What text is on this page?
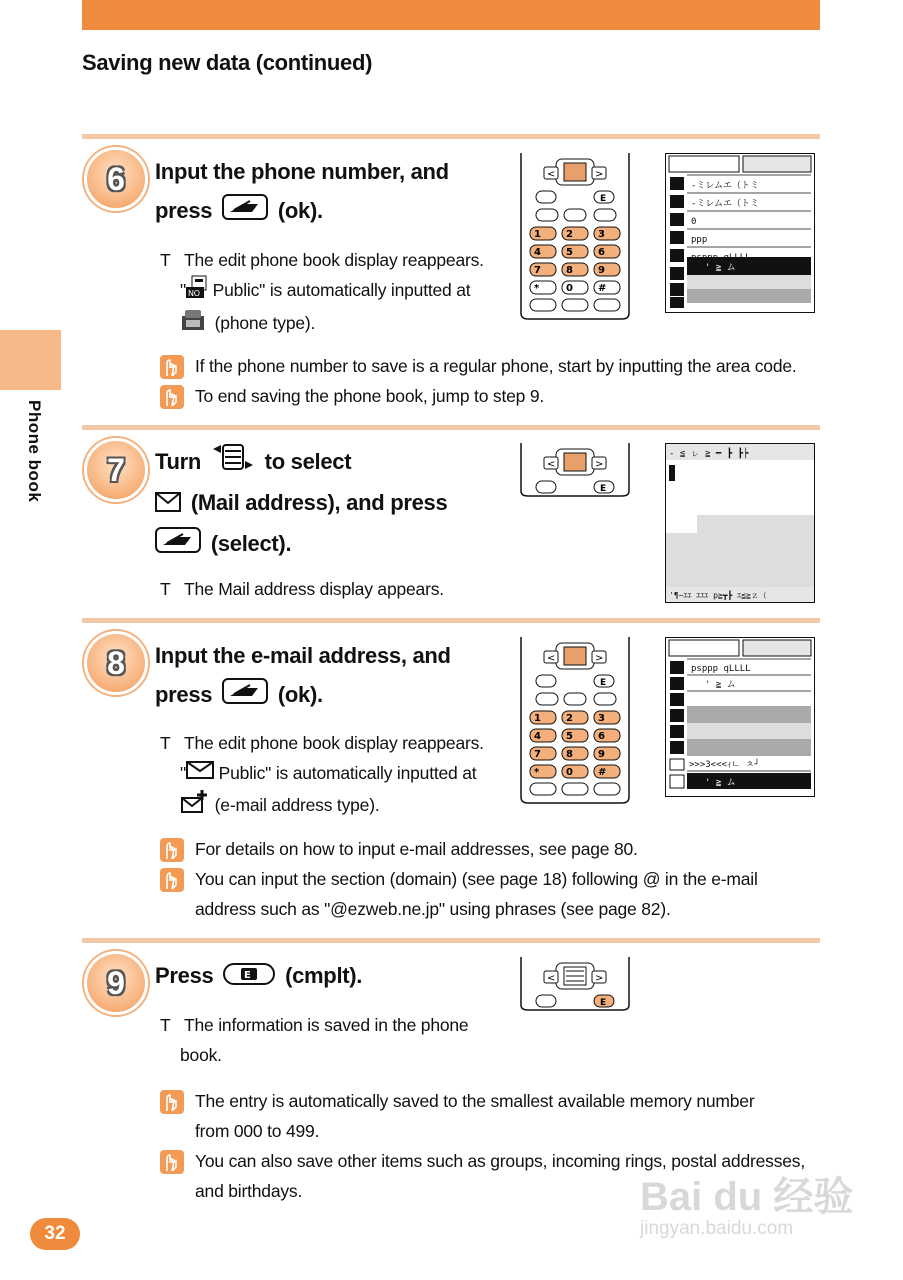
Saving new data (continued)
Phone book
6	Input the phone number, and
press	(ok).
T The edit phone book display reappears.
" NO Public" is automatically inputted at
(phone type).
<	>
E
1	2	3
4	5	6
7	8	9
*	0	#
-ミレムエ（トミ
-ミレムエ（トミ
0
ppp
psppp qLLLL
' ≧ ム
If the phone number to save is a regular phone, start by inputting the area code.
To end saving the phone book, jump to step 9.
7	Turn	to select
(Mail address), and press
(select).
T The Mail address display appears.
<	>
E
- ≦ ㇾ ≧ ━ ┣ ┣┝
'¶~ｴｴ ｴｴｴ p≧┳┣ ｴ≦≧ｚ（
8	Input the e-mail address, and
press	(ok).
T The edit phone book display reappears.
" Public" is automatically inputted at
(e-mail address type).
<	>
E
1	2	3
4	5	6
7	8	9
*	0	#
psppp qLLLL
' ≧ ム
>>>3<<<ｨㄴ ㅊ┘
' ≧ ム
For details on how to input e-mail addresses, see page 80.
You can input the section (domain) (see page 18) following @ in the e-mail
address such as "@ezweb.ne.jp" using phrases (see page 82).
9	Press	E (cmplt).
T The information is saved in the phone
book.
<	>
E
The entry is automatically saved to the smallest available memory number
from 000 to 499.
You can also save other items such as groups, incoming rings, postal addresses,
and birthdays.	Bai du 经验
jingyan.baidu.com
32
